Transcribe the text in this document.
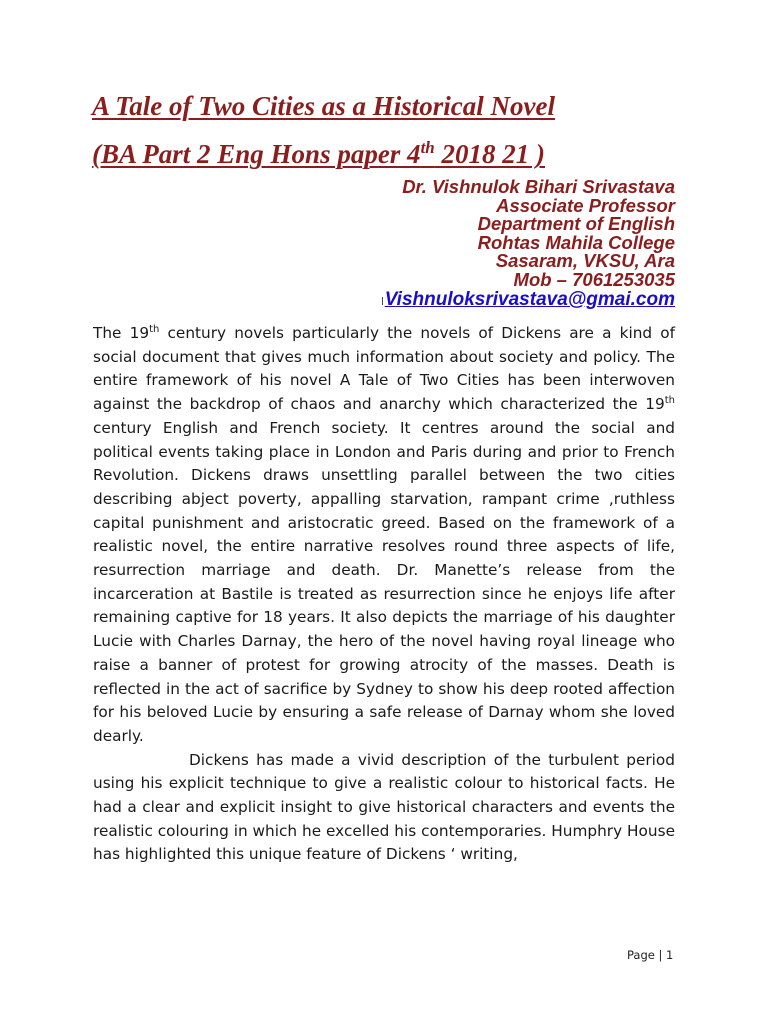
A Tale of Two Cities as a Historical Novel
(BA Part 2 Eng Hons paper 4th 2018 21 )
Dr. Vishnulok Bihari Srivastava
Associate Professor
Department of English
Rohtas Mahila College
Sasaram, VKSU, Ara
Mob – 7061253035
lVishnuloksrivastava@gmai.com

The 19th century novels particularly the novels of Dickens are a kind of social document that gives much information about society and policy. The entire framework of his novel A Tale of Two Cities has been interwoven against the backdrop of chaos and anarchy which characterized the 19th century English and French society. It centres around the social and political events taking place in London and Paris during and prior to French Revolution. Dickens draws unsettling parallel between the two cities describing abject poverty, appalling starvation, rampant crime ,ruthless capital punishment and aristocratic greed. Based on the framework of a realistic novel, the entire narrative resolves round three aspects of life, resurrection marriage and death. Dr. Manette’s release from the incarceration at Bastile is treated as resurrection since he enjoys life after remaining captive for 18 years. It also depicts the marriage of his daughter Lucie with Charles Darnay, the hero of the novel having royal lineage who raise a banner of protest for growing atrocity of the masses. Death is reflected in the act of sacrifice by Sydney to show his deep rooted affection for his beloved Lucie by ensuring a safe release of Darnay whom she loved dearly.

Dickens has made a vivid description of the turbulent period using his explicit technique to give a realistic colour to historical facts. He had a clear and explicit insight to give historical characters and events the realistic colouring in which he excelled his contemporaries. Humphry House has highlighted this unique feature of Dickens ‘ writing,

Page | 1
